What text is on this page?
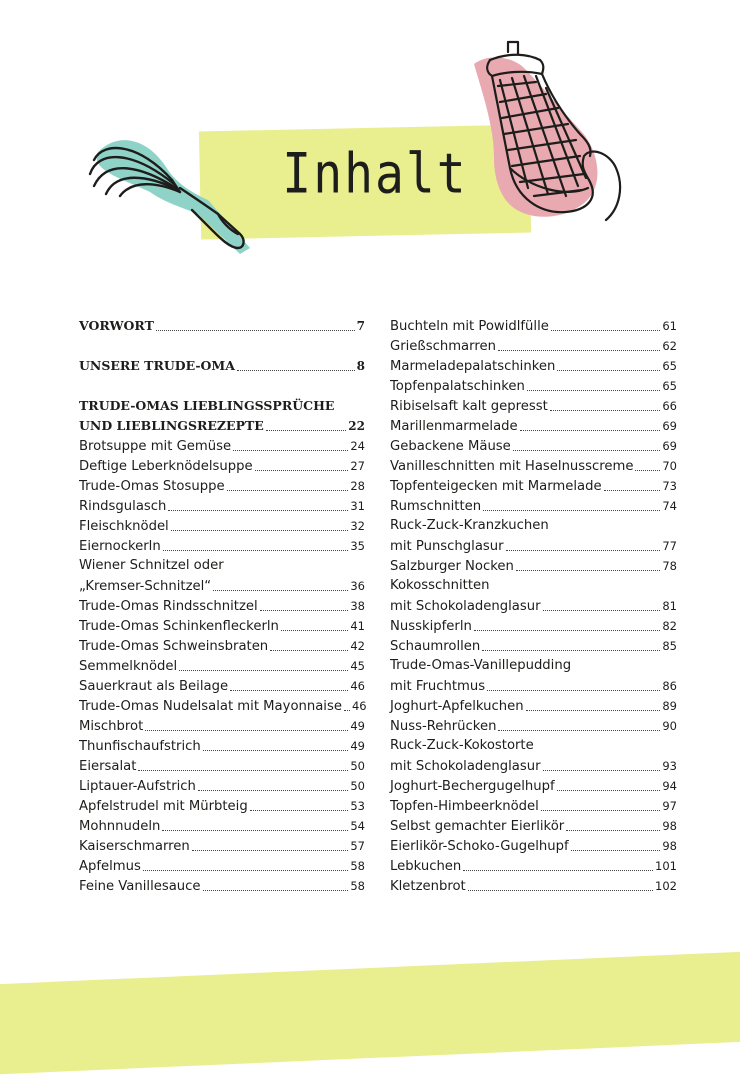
Inhalt
VORWORT	7
UNSERE TRUDE-OMA	8
TRUDE-OMAS LIEBLINGSSPRÜCHE
UND LIEBLINGSREZEPTE	22
Brotsuppe mit Gemüse	24
Deftige Leberknödelsuppe	27
Trude-Omas Stosuppe	28
Rindsgulasch	31
Fleischknödel	32
Eiernockerln	35
Wiener Schnitzel oder
„Kremser-Schnitzel“	36
Trude-Omas Rindsschnitzel	38
Trude-Omas Schinkenfleckerln	41
Trude-Omas Schweinsbraten	42
Semmelknödel	45
Sauerkraut als Beilage	46
Trude-Omas Nudelsalat mit Mayonnaise 46
Mischbrot	49
Thunfischaufstrich	49
Eiersalat	50
Liptauer-Aufstrich	50
Apfelstrudel mit Mürbteig	53
Mohnnudeln	54
Kaiserschmarren	57
Apfelmus	58
Feine Vanillesauce	58
Buchteln mit Powidlfülle	61
Grießschmarren	62
Marmeladepalatschinken	65
Topfenpalatschinken	65
Ribiselsaft kalt gepresst	66
Marillenmarmelade	69
Gebackene Mäuse	69
Vanilleschnitten mit Haselnusscreme	70
Topfenteigecken mit Marmelade	73
Rumschnitten	74
Ruck-Zuck-Kranzkuchen
mit Punschglasur	77
Salzburger Nocken	78
Kokosschnitten
mit Schokoladenglasur	81
Nusskipferln	82
Schaumrollen	85
Trude-Omas-Vanillepudding
mit Fruchtmus	86
Joghurt-Apfelkuchen	89
Nuss-Rehrücken	90
Ruck-Zuck-Kokostorte
mit Schokoladenglasur	93
Joghurt-Bechergugelhupf	94
Topfen-Himbeerknödel	97
Selbst gemachter Eierlikör	98
Eierlikör-Schoko-Gugelhupf	98
Lebkuchen	101
Kletzenbrot	102
